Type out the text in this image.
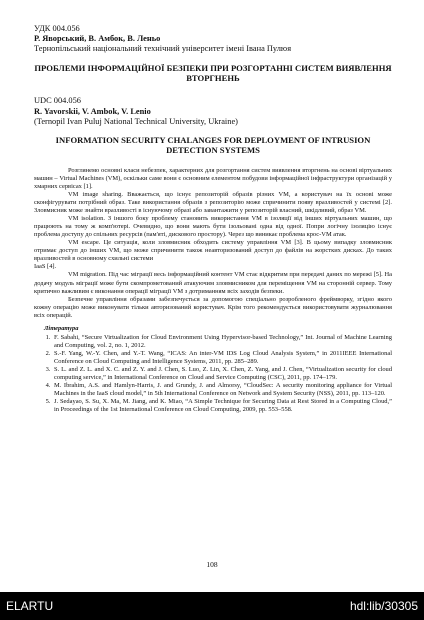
УДК 004.056
Р. Яворський, В. Амбок, В. Леньо
Тернопільський національний технічний університет імені Івана Пулюя
ПРОБЛЕМИ ІНФОРМАЦІЙНОЇ БЕЗПЕКИ ПРИ РОЗГОРТАННІ СИСТЕМ ВИЯВЛЕННЯ ВТОРГНЕНЬ
UDC 004.056
R. Yavorskii, V. Ambok, V. Lenio
(Ternopil Ivan Puluj National Technical University, Ukraine)
INFORMATION SECURITY CHALANGES FOR DEPLOYMENT OF INTRUSION DETECTION SYSTEMS

Розглянемо основні класи небезпек, характерних для розгортання систем виявлення вторгнень на основі віртуальних машин – Virtual Machines (VM), оскільки саме вони є основним елементом побудови інформаційної інфраструктури організацій у хмарних сервісах [1].

VM image sharing. Вважається, що існує репозиторій образів різних VM, а користувач на їх основі може сконфігурувати потрібний образ. Таке використання образів з репозиторію може спричинити появу вразливостей у системі [2]. Зловмисник може знайти вразливості в існуючому образі або завантажити у репозиторій власний, шкідливий, образ VM.

VM isolation. З іншого боку проблему становить використання VM в ізоляції від інших віртуальних машин, що працюють на тому ж комп'ютері. Очевидно, що вони мають бути ізольовані одна від одної. Попри логічну ізоляцію існує проблема доступу до спільних ресурсів (пам'яті, дискового простору). Через що виникає проблема крос-VM атак.

VM escape. Це ситуація, коли зловмисник обходить систему управління VM [3]. В цьому випадку зловмисник отримає доступ до інших VM, що може спричинити також неавторизований доступ до файлів на жорстких дисках. До таких вразливостей в основному схильні системи

IaaS [4].

VM migration. Під час міграції весь інформаційний контент VM стає відкритим при передачі даних по мережі [5]. На додачу модуль міграції може бути скомпрометований атакуючим зловмисником для переміщення VM на сторонній сервер. Тому критично важливим є виконання операції міграції VM з дотриманням всіх заходів безпеки.

Безпечне управління образами забезпечується за допомогою спеціально розробленого фреймворку, згідно якого кожну операцію може виконувати тільки авторизований користувач. Крім того рекомендується використовувати журналювання всіх операцій.

Література
1. F. Sabahi, “Secure Virtualization for Cloud Environment Using Hypervisor-based Technology,” Int. Journal of Machine Learning and Computing, vol. 2, no. 1, 2012.
2. S.-F. Yang, W.-Y. Chen, and Y.-T. Wang, “ICAS: An inter-VM IDS Log Cloud Analysis System,” in 2011IEEE International Conference on Cloud Computing and Intelligence Systems, 2011, pp. 285–289.
3. S. L. and Z. L. and X. C. and Z. Y. and J. Chen, S. Luo, Z. Lin, X. Chen, Z. Yang, and J. Chen, “Virtualization security for cloud computing service,” in International Conference on Cloud and Service Computing (CSC), 2011, pp. 174–179.
4. M. Ibrahim, A.S. and Hamlyn-Harris, J. and Grundy, J. and Almorsy, “CloudSec: A security monitoring appliance for Virtual Machines in the IaaS cloud model,” in 5th International Conference on Network and System Security (NSS), 2011, pp. 113–120.
5. J. Sedayao, S. Su, X. Ma, M. Jiang, and K. Miao, “A Simple Technique for Securing Data at Rest Stored in a Computing Cloud,” in Proceedings of the 1st International Conference on Cloud Computing, 2009, pp. 553–558.
108
ELARTU	hdl:lib/30305
